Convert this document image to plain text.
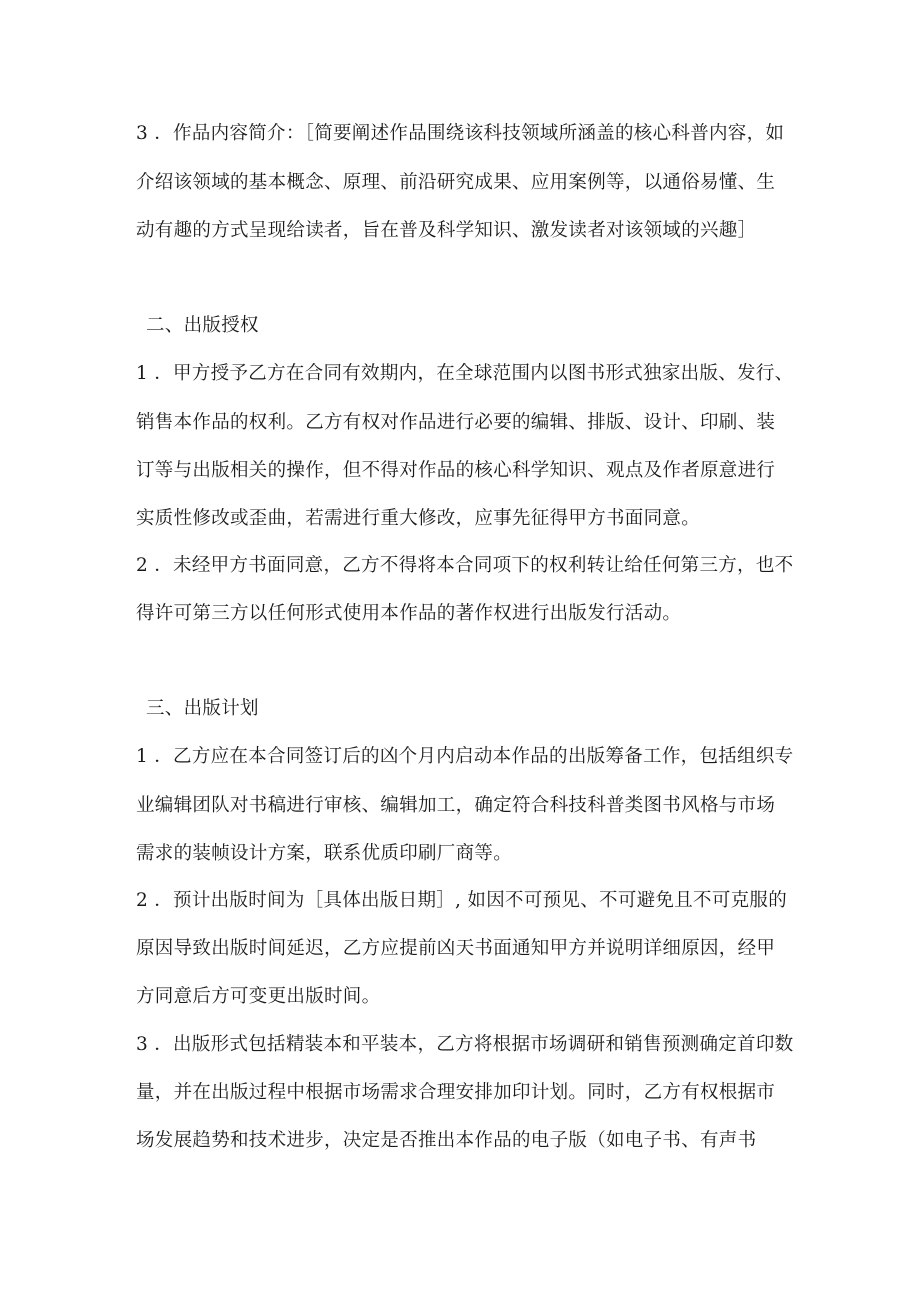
3 ．作品内容简介：［简要阐述作品围绕该科技领域所涵盖的核心科普内容，如
介绍该领域的基本概念、原理、前沿研究成果、应用案例等，以通俗易懂、生
动有趣的方式呈现给读者，旨在普及科学知识、激发读者对该领域的兴趣］
二、出版授权
1 ．甲方授予乙方在合同有效期内，在全球范围内以图书形式独家出版、发行、
销售本作品的权利。乙方有权对作品进行必要的编辑、排版、设计、印刷、装
订等与出版相关的操作，但不得对作品的核心科学知识、观点及作者原意进行
实质性修改或歪曲，若需进行重大修改，应事先征得甲方书面同意。
2 ．未经甲方书面同意，乙方不得将本合同项下的权利转让给任何第三方，也不
得许可第三方以任何形式使用本作品的著作权进行出版发行活动。
三、出版计划
1 ．乙方应在本合同签订后的凶个月内启动本作品的出版筹备工作，包括组织专
业编辑团队对书稿进行审核、编辑加工，确定符合科技科普类图书风格与市场
需求的装帧设计方案，联系优质印刷厂商等。
2 ．预计出版时间为［具体出版日期］, 如因不可预见、不可避免且不可克服的
原因导致出版时间延迟，乙方应提前凶天书面通知甲方并说明详细原因，经甲
方同意后方可变更出版时间。
3 ．出版形式包括精装本和平装本，乙方将根据市场调研和销售预测确定首印数
量，并在出版过程中根据市场需求合理安排加印计划。同时，乙方有权根据市
场发展趋势和技术进步，决定是否推出本作品的电子版（如电子书、有声书
